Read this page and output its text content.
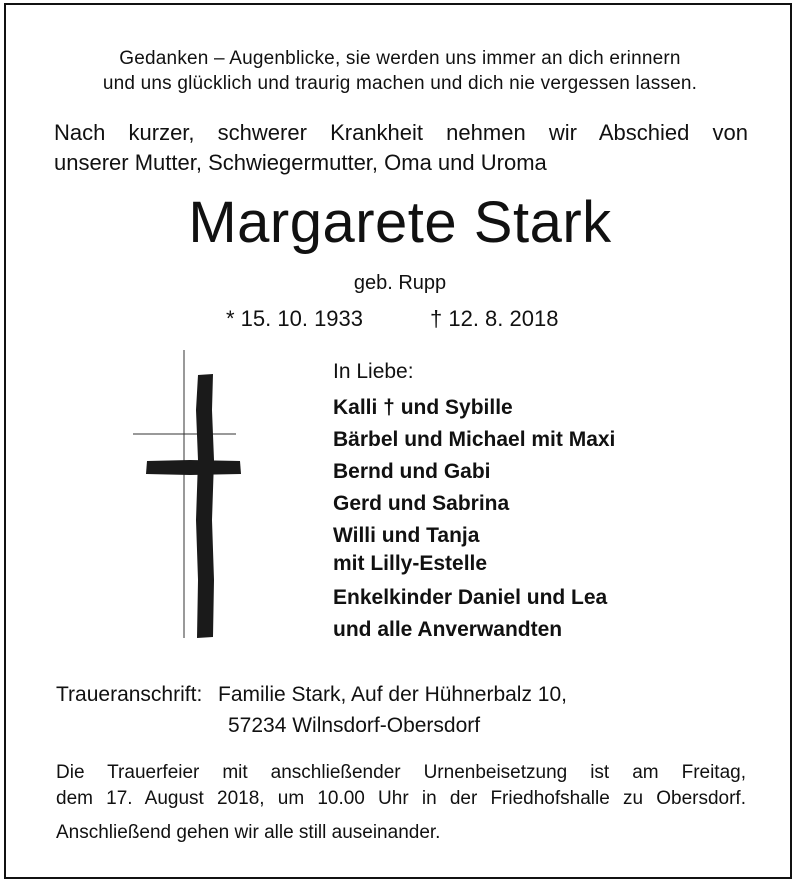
Gedanken – Augenblicke, sie werden uns immer an dich erinnern
und uns glücklich und traurig machen und dich nie vergessen lassen.
Nach kurzer, schwerer Krankheit nehmen wir Abschied von
unserer Mutter, Schwiegermutter, Oma und Uroma
Margarete Stark
geb. Rupp
* 15. 10. 1933	† 12. 8. 2018
In Liebe:
Kalli † und Sybille
Bärbel und Michael mit Maxi
Bernd und Gabi
Gerd und Sabrina
Willi und Tanja
mit Lilly-Estelle
Enkelkinder Daniel und Lea
und alle Anverwandten
Traueranschrift: Familie Stark, Auf der Hühnerbalz 10,
57234 Wilnsdorf-Obersdorf
Die Trauerfeier mit anschließender Urnenbeisetzung ist am Freitag,
dem 17. August 2018, um 10.00 Uhr in der Friedhofshalle zu Obersdorf.
Anschließend gehen wir alle still auseinander.
